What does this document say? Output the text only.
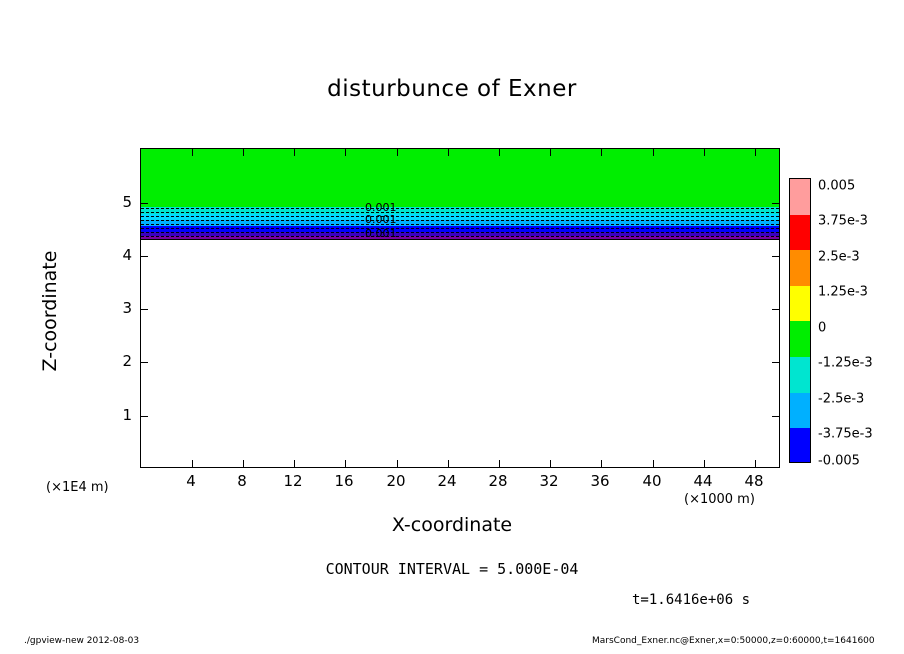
disturbunce of Exner
0.001
0.001
0.001
4	8 12 16 20 24 28 32 36 40 44 48
1
2
3
4
5
X-coordinate
Z-coordinate
(×1E4 m)
(×1000 m)
0.005
3.75e-3
2.5e-3
1.25e-3
0
-1.25e-3
-2.5e-3
-3.75e-3
-0.005
CONTOUR INTERVAL = 5.000E-04
t=1.6416e+06 s
./gpview-new 2012-08-03	MarsCond_Exner.nc@Exner,x=0:50000,z=0:60000,t=1641600
